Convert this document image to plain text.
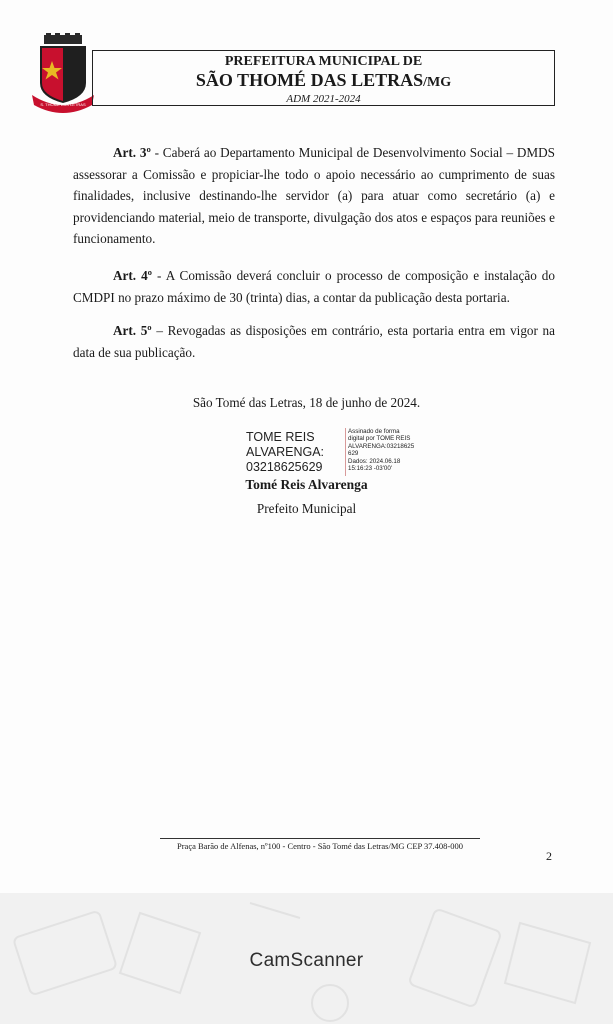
S. THOMÉ DAS LETRAS
PREFEITURA MUNICIPAL DE
SÃO THOMÉ DAS LETRAS/MG
ADM 2021-2024
Art. 3º - Caberá ao Departamento Municipal de Desenvolvimento Social – DMDS assessorar a Comissão e propiciar-lhe todo o apoio necessário ao cumprimento de suas finalidades, inclusive destinando-lhe servidor (a) para atuar como secretário (a) e providenciando material, meio de transporte, divulgação dos atos e espaços para reuniões e funcionamento.
Art. 4º - A Comissão deverá concluir o processo de composição e instalação do CMDPI no prazo máximo de 30 (trinta) dias, a contar da publicação desta portaria.
Art. 5º – Revogadas as disposições em contrário, esta portaria entra em vigor na data de sua publicação.
São Tomé das Letras, 18 de junho de 2024.
TOME REIS
ALVARENGA:
03218625629
Assinado de forma
digital por TOME REIS
ALVARENGA:03218625
629
Dados: 2024.06.18
15:16:23 -03'00'
Tomé Reis Alvarenga
Prefeito Municipal
Praça Barão de Alfenas, nº100 - Centro - São Tomé das Letras/MG CEP 37.408-000
2
CamScanner
